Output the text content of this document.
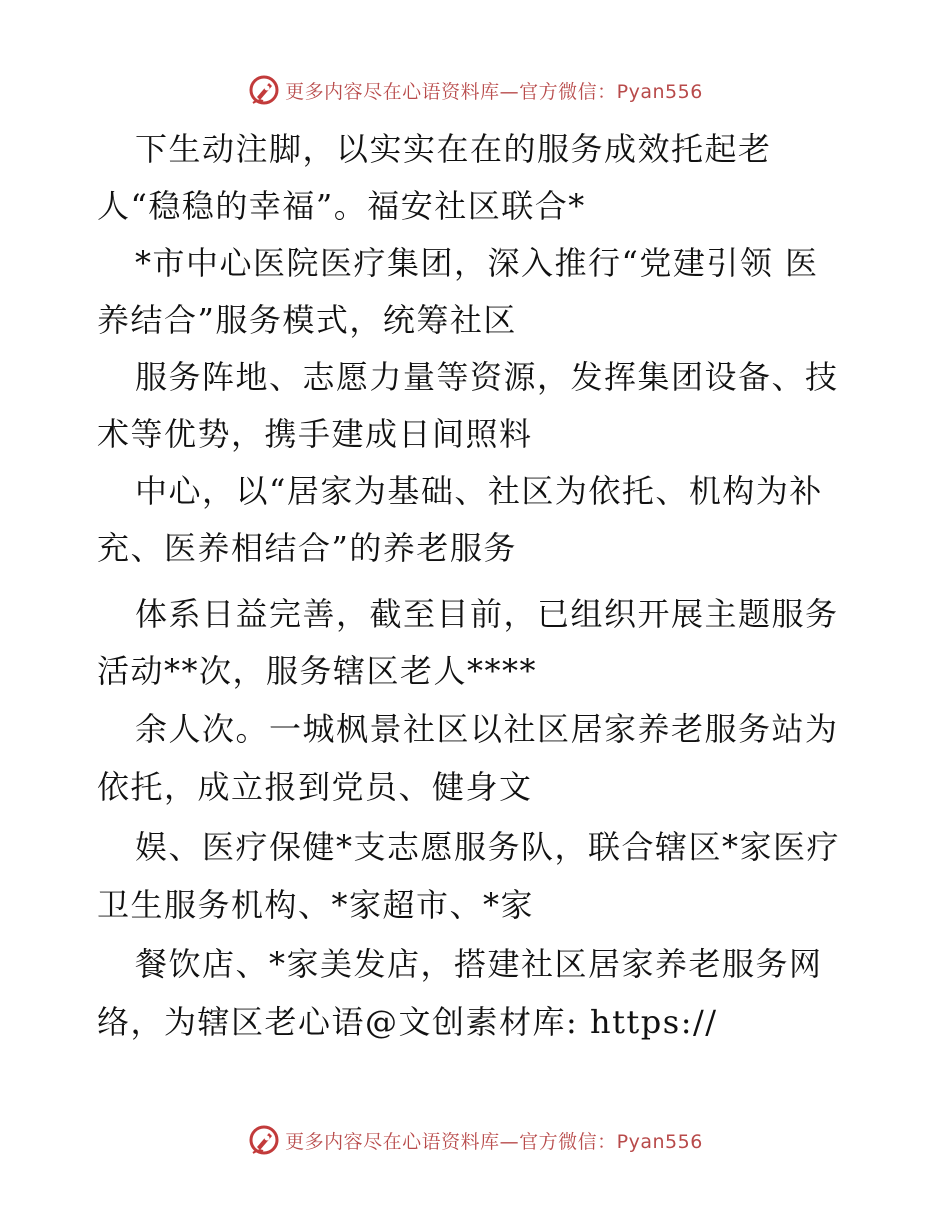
更多内容尽在心语资料库—官方微信：Pyan556
下生动注脚，以实实在在的服务成效托起老
人“稳稳的幸福”。福安社区联合*
*市中心医院医疗集团，深入推行“党建引领 医
养结合”服务模式，统筹社区
服务阵地、志愿力量等资源，发挥集团设备、技
术等优势，携手建成日间照料
中心，以“居家为基础、社区为依托、机构为补
充、医养相结合”的养老服务
体系日益完善，截至目前，已组织开展主题服务
活动**次，服务辖区老人****
余人次。一城枫景社区以社区居家养老服务站为
依托，成立报到党员、健身文
娱、医疗保健*支志愿服务队，联合辖区*家医疗
卫生服务机构、*家超市、*家
餐饮店、*家美发店，搭建社区居家养老服务网
络，为辖区老心语@文创素材库: https://
更多内容尽在心语资料库—官方微信：Pyan556
